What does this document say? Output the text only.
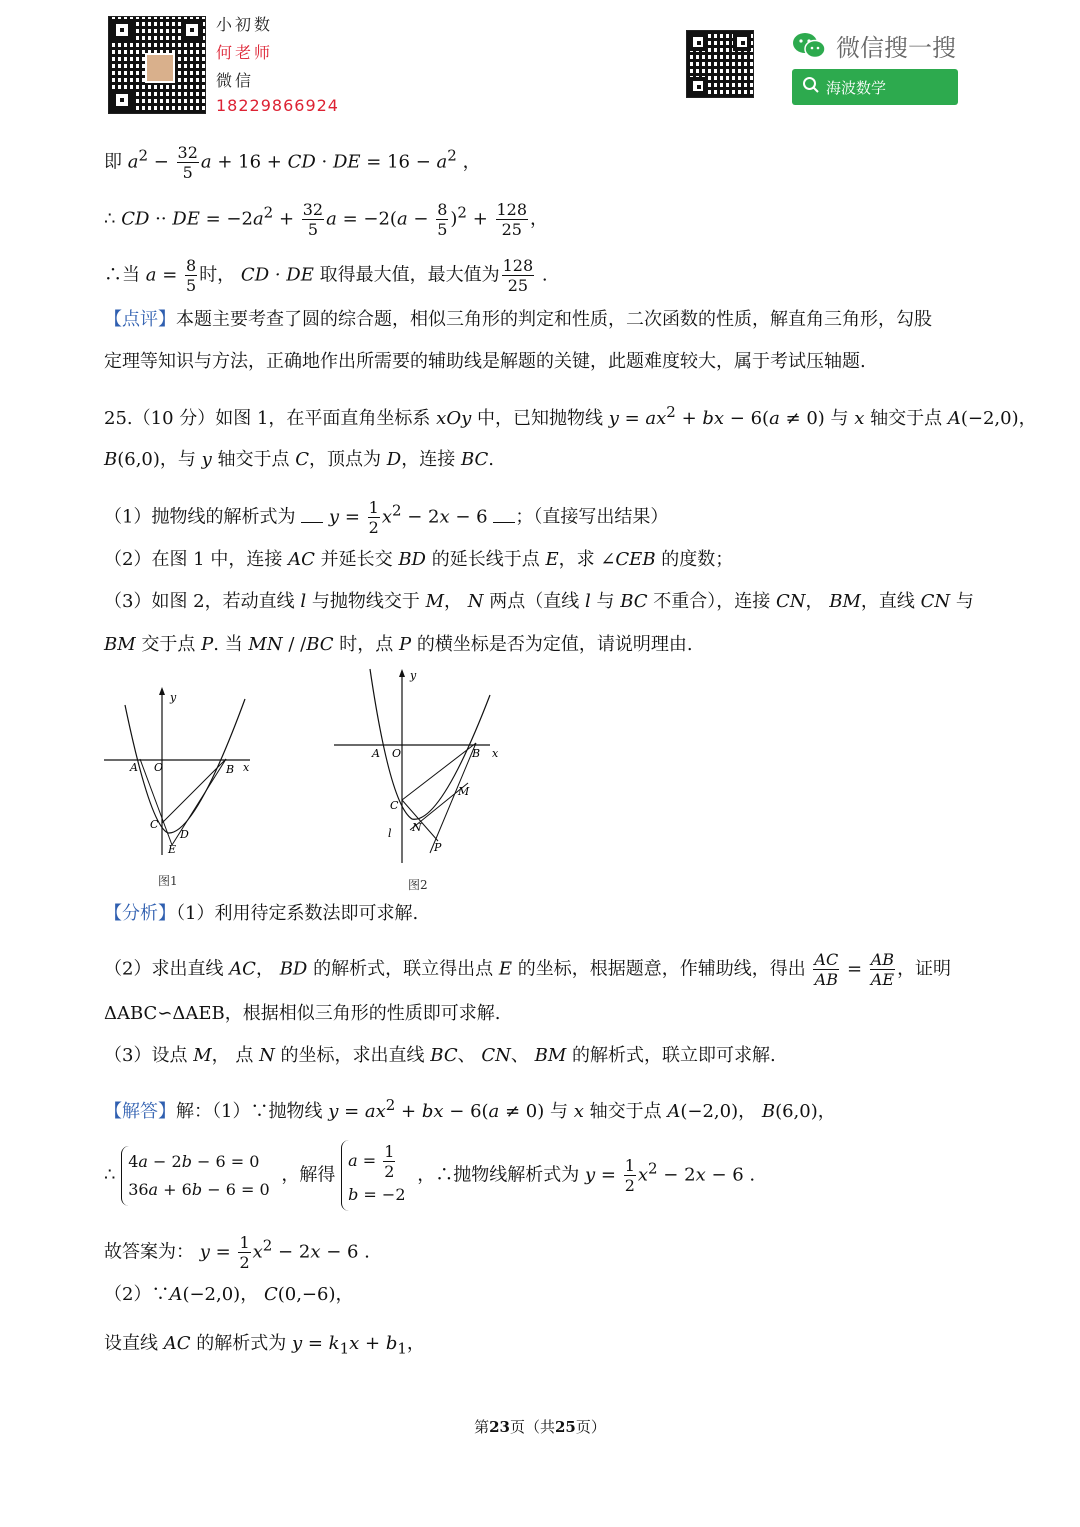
小初数
何老师
微信
18229866924
微信搜一搜
海波数学
即 $a^2 - \frac{32}{5}$ a + 16 + CD · DE = $16 - a^2$ ，
∴ CD ·· DE = $-2a^2 + \frac{32}{5}$ $a = -2(a - \frac{8}{5} )^2 + \frac{128}{25}$ ，
∴当 $a = \frac{8}{5}$ 时， CD · DE 取得最大值，最大值为 $\frac{128}{25}$ .
【点评】本题主要考查了圆的综合题，相似三角形的判定和性质，二次函数的性质，解直角三角形，勾股
定理等知识与方法，正确地作出所需要的辅助线是解题的关键，此题难度较大，属于考试压轴题.
25.（10 分）如图 1，在平面直角坐标系 xOy 中，已知抛物线 $y = ax^2$ + bx − 6(a ≠ 0) 与 x 轴交于点 A(−2,0)，
B(6,0)，与 y 轴交于点 C，顶点为 D，连接 BC.
（1）抛物线的解析式为 $y = \frac{1}{2} x^2 - 2x - 6$ ；（直接写出结果）
（2）在图 1 中，连接 AC 并延长交 BD 的延长线于点 E，求 ∠CEB 的度数；
（3）如图 2，若动直线 l 与抛物线交于 M， N 两点（直线 l 与 BC 不重合），连接 CN， BM，直线 CN 与
BM 交于点 P. 当 MN / /BC 时，点 P 的横坐标是否为定值，请说明理由.
y
x
A O	B
C
D
E
图1
y
x
A O	B
C
M
N
l
P
图2
【分析】（1）利用待定系数法即可求解.
（2）求出直线 AC， BD 的解析式，联立得出点 E 的坐标，根据题意，作辅助线，得出 $\frac{AC}{AB} = \frac{AB}{AE}$ ，证明
ΔABC∽ΔAEB，根据相似三角形的性质即可求解.
（3）设点 M， 点 N 的坐标，求出直线 BC、 CN、 BM 的解析式，联立即可求解.
【解答】解：（1）∵抛物线 $y = ax^2$ + bx − 6(a ≠ 0) 与 x 轴交于点 A(−2,0)， B(6,0)，
∴
4a − 2b − 6 = 0
36a + 6b − 6 = 0
，解得
$a = \frac{1}{2}$
b = −2
，∴抛物线解析式为 $y = \frac{1}{2} x^2 - 2x - 6$ .
故答案为： $y = \frac{1}{2} x^2 - 2x - 6$ .
（2）∵A(−2,0)， C(0,−6)，
设直线 AC 的解析式为 $y = k_1x + b_1$，
第23页（共25页）
